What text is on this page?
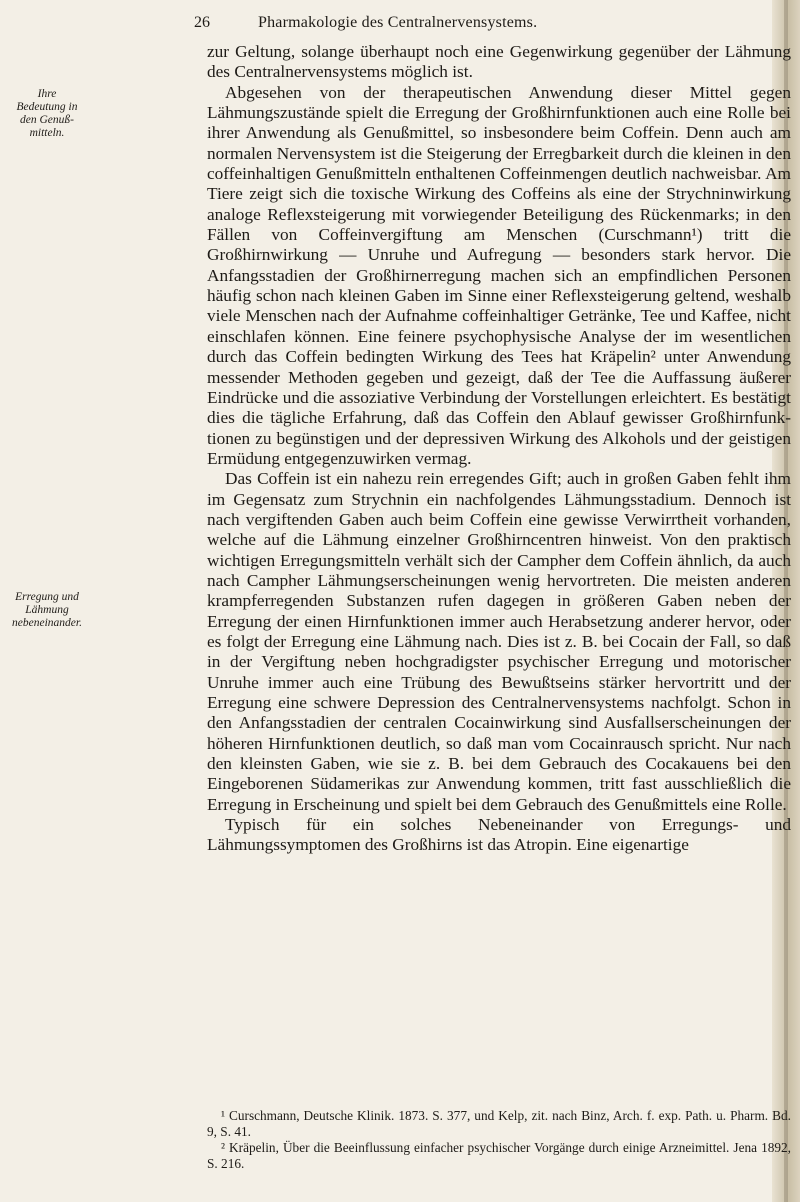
26	Pharmakologie des Centralnervensystems.
Ihre Bedeutung in den Genußmitteln.
Erregung und Lähmung nebeneinander.

zur Geltung, solange überhaupt noch eine Gegenwirkung gegenüber der Lähmung des Centralnervensystems möglich ist.

Abgesehen von der therapeutischen Anwendung dieser Mittel gegen Lähmungszustände spielt die Erregung der Großhirnfunktionen auch eine Rolle bei ihrer Anwendung als Genußmittel, so insbesondere beim Coffein. Denn auch am normalen Nervensystem ist die Steigerung der Erregbarkeit durch die kleinen in den coffeinhaltigen Genußmitteln enthaltenen Coffeinmengen deutlich nachweisbar. Am Tiere zeigt sich die toxische Wirkung des Coffeins als eine der Strychninwirkung analoge Reflexsteigerung mit vorwiegender Beteiligung des Rückenmarks; in den Fällen von Coffeinvergiftung am Menschen (Curschmann¹) tritt die Großhirnwirkung — Unruhe und Aufregung — besonders stark hervor. Die Anfangsstadien der Großhirnerregung machen sich an empfindlichen Personen häufig schon nach kleinen Gaben im Sinne einer Reflexsteigerung geltend, weshalb viele Menschen nach der Aufnahme coffeinhaltiger Getränke, Tee und Kaffee, nicht einschlafen können. Eine feinere psychophysische Analyse der im wesentlichen durch das Coffein bedingten Wirkung des Tees hat Kräpelin² unter Anwendung messender Methoden gegeben und gezeigt, daß der Tee die Auffassung äußerer Eindrücke und die assoziative Verbindung der Vorstellungen erleichtert. Es bestätigt dies die tägliche Erfahrung, daß das Coffein den Ablauf gewisser Großhirnfunktionen zu begünstigen und der depressiven Wirkung des Alkohols und der geistigen Ermüdung entgegenzuwirken vermag.

Das Coffein ist ein nahezu rein erregendes Gift; auch in großen Gaben fehlt ihm im Gegensatz zum Strychnin ein nachfolgendes Lähmungsstadium. Dennoch ist nach vergiftenden Gaben auch beim Coffein eine gewisse Verwirrtheit vorhanden, welche auf die Lähmung einzelner Großhirncentren hinweist. Von den praktisch wichtigen Erregungsmitteln verhält sich der Campher dem Coffein ähnlich, da auch nach Campher Lähmungserscheinungen wenig hervortreten. Die meisten anderen krampferregenden Substanzen rufen dagegen in größeren Gaben neben der Erregung der einen Hirnfunktionen immer auch Herabsetzung anderer hervor, oder es folgt der Erregung eine Lähmung nach. Dies ist z. B. bei Cocain der Fall, so daß in der Vergiftung neben hochgradigster psychischer Erregung und motorischer Unruhe immer auch eine Trübung des Bewußtseins stärker hervortritt und der Erregung eine schwere Depression des Centralnervensystems nachfolgt. Schon in den Anfangsstadien der centralen Cocainwirkung sind Ausfallserscheinungen der höheren Hirnfunktionen deutlich, so daß man vom Cocainrausch spricht. Nur nach den kleinsten Gaben, wie sie z. B. bei dem Gebrauch des Cocakauens bei den Eingeborenen Südamerikas zur Anwendung kommen, tritt fast ausschließlich die Erregung in Erscheinung und spielt bei dem Gebrauch des Genußmittels eine Rolle.

Typisch für ein solches Nebeneinander von Erregungs- und Lähmungssymptomen des Großhirns ist das Atropin. Eine eigenartige

¹ Curschmann, Deutsche Klinik. 1873. S. 377, und Kelp, zit. nach Binz, Arch. f. exp. Path. u. Pharm. Bd. 9, S. 41.

² Kräpelin, Über die Beeinflussung einfacher psychischer Vorgänge durch einige Arzneimittel. Jena 1892, S. 216.
